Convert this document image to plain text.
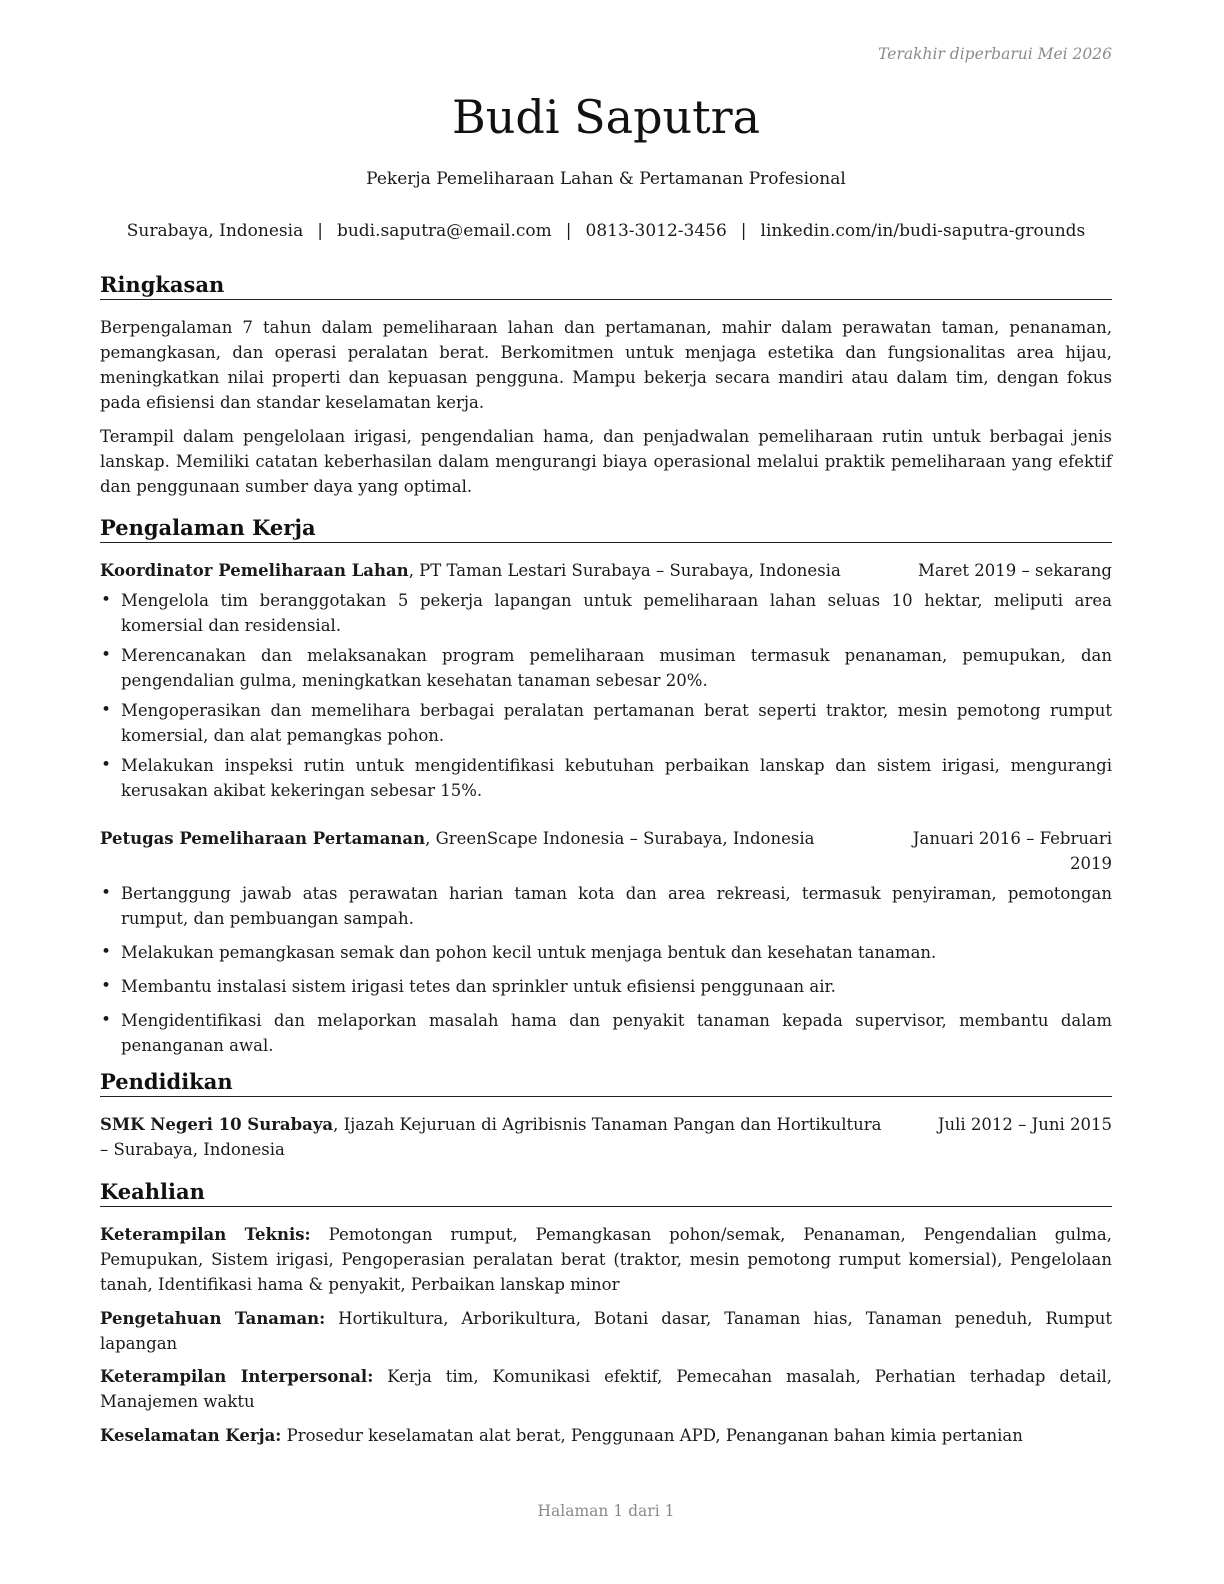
Terakhir diperbarui Mei 2026
Budi Saputra
Pekerja Pemeliharaan Lahan & Pertamanan Profesional
Surabaya, Indonesia | budi.saputra@email.com | 0813-3012-3456 | linkedin.com/in/budi-saputra-grounds
Ringkasan

Berpengalaman 7 tahun dalam pemeliharaan lahan dan pertamanan, mahir dalam perawatan taman, penanaman, pemangkasan, dan operasi peralatan berat. Berkomitmen untuk menjaga estetika dan fungsionalitas area hijau, meningkatkan nilai properti dan kepuasan pengguna. Mampu bekerja secara mandiri atau dalam tim, dengan fokus pada efisiensi dan standar keselamatan kerja.

Terampil dalam pengelolaan irigasi, pengendalian hama, dan penjadwalan pemeliharaan rutin untuk berbagai jenis lanskap. Memiliki catatan keberhasilan dalam mengurangi biaya operasional melalui praktik pemeliharaan yang efektif dan penggunaan sumber daya yang optimal.

Pengalaman Kerja
Koordinator Pemeliharaan Lahan, PT Taman Lestari Surabaya – Surabaya, Indonesia	Maret 2019 – sekarang
• Mengelola tim beranggotakan 5 pekerja lapangan untuk pemeliharaan lahan seluas 10 hektar, meliputi area komersial dan residensial.
• Merencanakan dan melaksanakan program pemeliharaan musiman termasuk penanaman, pemupukan, dan pengendalian gulma, meningkatkan kesehatan tanaman sebesar 20%.
• Mengoperasikan dan memelihara berbagai peralatan pertamanan berat seperti traktor, mesin pemotong rumput komersial, dan alat pemangkas pohon.
• Melakukan inspeksi rutin untuk mengidentifikasi kebutuhan perbaikan lanskap dan sistem irigasi, mengurangi kerusakan akibat kekeringan sebesar 15%.
Petugas Pemeliharaan Pertamanan, GreenScape Indonesia – Surabaya, Indonesia	Januari 2016 – Februari
2019
• Bertanggung jawab atas perawatan harian taman kota dan area rekreasi, termasuk penyiraman, pemotongan rumput, dan pembuangan sampah.
• Melakukan pemangkasan semak dan pohon kecil untuk menjaga bentuk dan kesehatan tanaman.
• Membantu instalasi sistem irigasi tetes dan sprinkler untuk efisiensi penggunaan air.
• Mengidentifikasi dan melaporkan masalah hama dan penyakit tanaman kepada supervisor, membantu dalam penanganan awal.
Pendidikan
SMK Negeri 10 Surabaya, Ijazah Kejuruan di Agribisnis Tanaman Pangan dan Hortikultura
– Surabaya, Indonesia
Juli 2012 – Juni 2015
Keahlian

Keterampilan Teknis: Pemotongan rumput, Pemangkasan pohon/semak, Penanaman, Pengendalian gulma, Pemupukan, Sistem irigasi, Pengoperasian peralatan berat (traktor, mesin pemotong rumput komersial), Pengelolaan tanah, Identifikasi hama & penyakit, Perbaikan lanskap minor

Pengetahuan Tanaman: Hortikultura, Arborikultura, Botani dasar, Tanaman hias, Tanaman peneduh, Rumput lapangan

Keterampilan Interpersonal: Kerja tim, Komunikasi efektif, Pemecahan masalah, Perhatian terhadap detail, Manajemen waktu

Keselamatan Kerja: Prosedur keselamatan alat berat, Penggunaan APD, Penanganan bahan kimia pertanian

Halaman 1 dari 1
